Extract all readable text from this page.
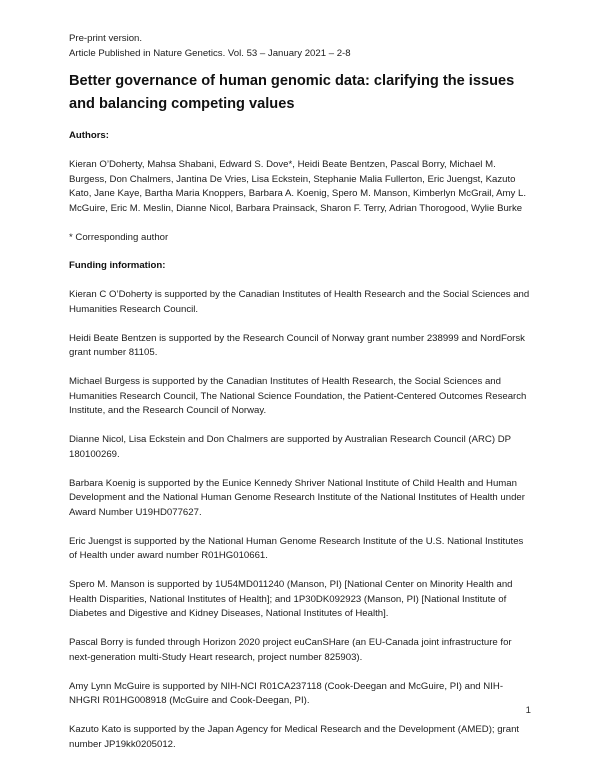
Pre-print version.
Article Published in Nature Genetics. Vol. 53 – January 2021 – 2-8
Better governance of human genomic data: clarifying the issues and balancing competing values
Authors:

Kieran O’Doherty, Mahsa Shabani, Edward S. Dove*, Heidi Beate Bentzen, Pascal Borry, Michael M. Burgess, Don Chalmers, Jantina De Vries, Lisa Eckstein, Stephanie Malia Fullerton, Eric Juengst, Kazuto Kato, Jane Kaye, Bartha Maria Knoppers, Barbara A. Koenig, Spero M. Manson, Kimberlyn McGrail, Amy L. McGuire, Eric M. Meslin, Dianne Nicol, Barbara Prainsack, Sharon F. Terry, Adrian Thorogood, Wylie Burke

* Corresponding author

Funding information:

Kieran C O’Doherty is supported by the Canadian Institutes of Health Research and the Social Sciences and Humanities Research Council.

Heidi Beate Bentzen is supported by the Research Council of Norway grant number 238999 and NordForsk grant number 81105.

Michael Burgess is supported by the Canadian Institutes of Health Research, the Social Sciences and Humanities Research Council, The National Science Foundation, the Patient-Centered Outcomes Research Institute, and the Research Council of Norway.

Dianne Nicol, Lisa Eckstein and Don Chalmers are supported by Australian Research Council (ARC) DP 180100269.

Barbara Koenig is supported by the Eunice Kennedy Shriver National Institute of Child Health and Human Development and the National Human Genome Research Institute of the National Institutes of Health under Award Number U19HD077627.

Eric Juengst is supported by the National Human Genome Research Institute of the U.S. National Institutes of Health under award number R01HG010661.

Spero M. Manson is supported by 1U54MD011240 (Manson, PI) [National Center on Minority Health and Health Disparities, National Institutes of Health]; and 1P30DK092923 (Manson, PI) [National Institute of Diabetes and Digestive and Kidney Diseases, National Institutes of Health].

Pascal Borry is funded through Horizon 2020 project euCanSHare (an EU-Canada joint infrastructure for next-generation multi-Study Heart research, project number 825903).

Amy Lynn McGuire is supported by NIH-NCI R01CA237118 (Cook-Deegan and McGuire, PI) and NIH-NHGRI R01HG008918 (McGuire and Cook-Deegan, PI).

Kazuto Kato is supported by the Japan Agency for Medical Research and the Development (AMED); grant number JP19kk0205012.

1
